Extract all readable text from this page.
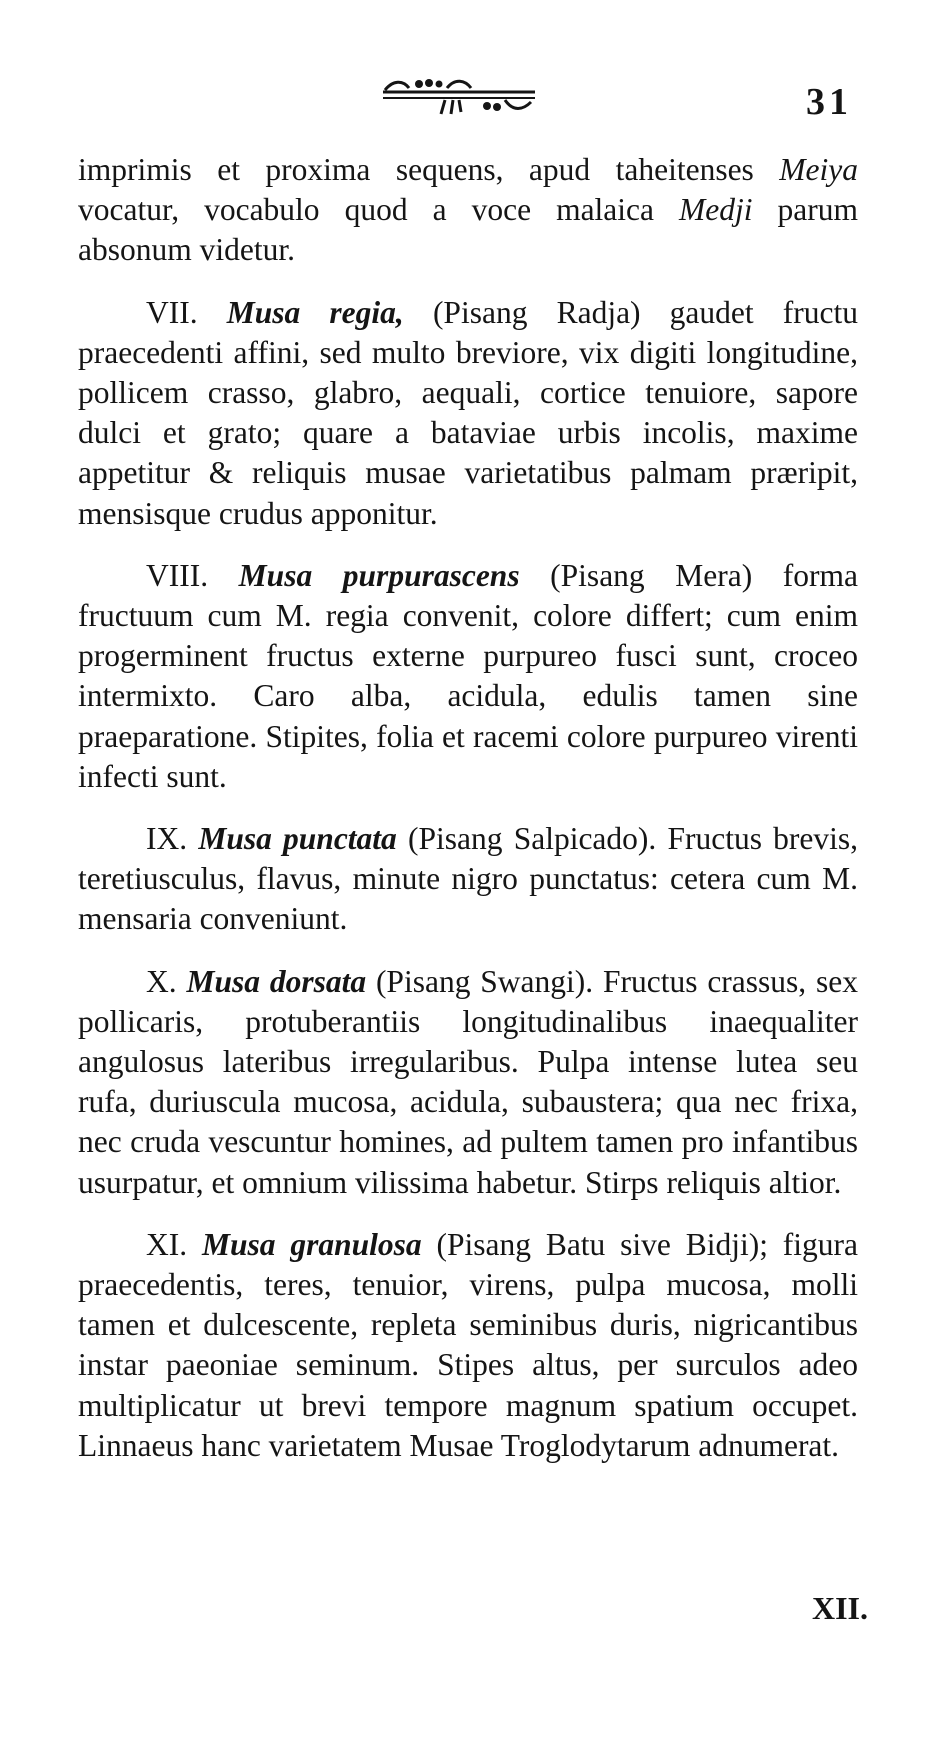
31

imprimis et proxima sequens, apud taheitenses Meiya vocatur, vocabulo quod a voce malaica Medji parum absonum videtur.

VII. Musa regia, (Pisang Radja) gaudet fructu praecedenti affini, sed multo breviore, vix digiti longitudine, pollicem crasso, glabro, aequali, cortice tenuiore, sapore dulci et grato; quare a bataviae urbis incolis, maxime appetitur & reliquis musae varietatibus palmam præripit, mensisque crudus apponitur.

VIII. Musa purpurascens (Pisang Mera) forma fructuum cum M. regia convenit, colore differt; cum enim progerminent fructus externe purpureo fusci sunt, croceo intermixto. Caro alba, acidula, edulis tamen sine praeparatione. Stipites, folia et racemi colore purpureo virenti infecti sunt.

IX. Musa punctata (Pisang Salpicado). Fructus brevis, teretiusculus, flavus, minute nigro punctatus: cetera cum M. mensaria conveniunt.

X. Musa dorsata (Pisang Swangi). Fructus crassus, sex pollicaris, protuberantiis longitudinalibus inaequaliter angulosus lateribus irregularibus. Pulpa intense lutea seu rufa, duriuscula mucosa, acidula, subaustera; qua nec frixa, nec cruda vescuntur homines, ad pultem tamen pro infantibus usurpatur, et omnium vilissima habetur. Stirps reliquis altior.

XI. Musa granulosa (Pisang Batu sive Bidji); figura praecedentis, teres, tenuior, virens, pulpa mucosa, molli tamen et dulcescente, repleta seminibus duris, nigricantibus instar paeoniae seminum. Stipes altus, per surculos adeo multiplicatur ut brevi tempore magnum spatium occupet. Linnaeus hanc varietatem Musae Troglodytarum adnumerat.

XII.
